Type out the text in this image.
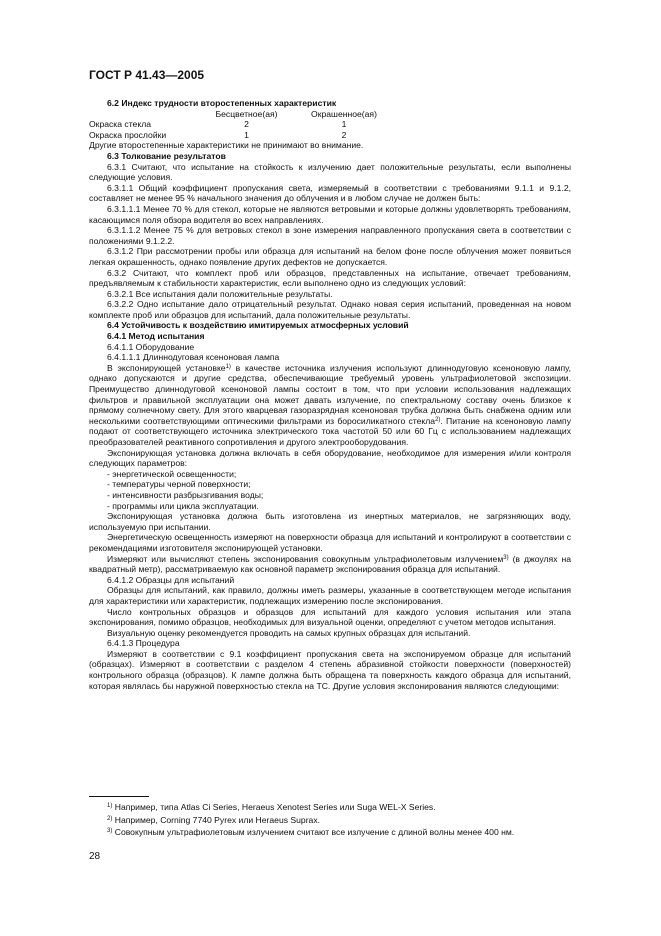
ГОСТ Р 41.43—2005

6.2 Индекс трудности второстепенных характеристик

	Бесцветное(ая)	Окрашенное(ая)
Окраска стекла	2	1
Окраска прослойки	1	2

Другие второстепенные характеристики не принимают во внимание.

6.3 Толкование результатов

6.3.1 Считают, что испытание на стойкость к излучению дает положительные результаты, если выполнены следующие условия.

6.3.1.1 Общий коэффициент пропускания света, измеряемый в соответствии с требованиями 9.1.1 и 9.1.2, составляет не менее 95 % начального значения до облучения и в любом случае не должен быть:

6.3.1.1.1 Менее 70 % для стекол, которые не являются ветровыми и которые должны удовлетворять требованиям, касающимся поля обзора водителя во всех направлениях.

6.3.1.1.2 Менее 75 % для ветровых стекол в зоне измерения направленного пропускания света в соответствии с положениями 9.1.2.2.

6.3.1.2 При рассмотрении пробы или образца для испытаний на белом фоне после облучения может появиться легкая окрашенность, однако появление других дефектов не допускается.

6.3.2 Считают, что комплект проб или образцов, представленных на испытание, отвечает требованиям, предъявляемым к стабильности характеристик, если выполнено одно из следующих условий:

6.3.2.1 Все испытания дали положительные результаты.

6.3.2.2 Одно испытание дало отрицательный результат. Однако новая серия испытаний, проведенная на новом комплекте проб или образцов для испытаний, дала положительные результаты.

6.4 Устойчивость к воздействию имитируемых атмосферных условий

6.4.1 Метод испытания

6.4.1.1 Оборудование

6.4.1.1.1 Длиннодуговая ксеноновая лампа

В экспонирующей установке$^{1)}$ в качестве источника излучения используют длиннодуговую ксеноновую лампу, однако допускаются и другие средства, обеспечивающие требуемый уровень ультрафиолетовой экспозиции. Преимущество длиннодуговой ксеноновой лампы состоит в том, что при условии использования надлежащих фильтров и правильной эксплуатации она может давать излучение, по спектральному составу очень близкое к прямому солнечному свету. Для этого кварцевая газоразрядная ксеноновая трубка должна быть снабжена одним или несколькими соответствующими оптическими фильтрами из боросиликатного стекла$^{2)}$. Питание на ксеноновую лампу подают от соответствующего источника электрического тока частотой 50 или 60 Гц с использованием надлежащих преобразователей реактивного сопротивления и другого электрооборудования.

Экспонирующая установка должна включать в себя оборудование, необходимое для измерения и/или контроля следующих параметров:

- энергетической освещенности;

- температуры черной поверхности;

- интенсивности разбрызгивания воды;

- программы или цикла эксплуатации.

Экспонирующая установка должна быть изготовлена из инертных материалов, не загрязняющих воду, используемую при испытании.

Энергетическую освещенность измеряют на поверхности образца для испытаний и контролируют в соответствии с рекомендациями изготовителя экспонирующей установки.

Измеряют или вычисляют степень экспонирования совокупным ультрафиолетовым излучением$^{3)}$ (в джоулях на квадратный метр), рассматриваемую как основной параметр экспонирования образца для испытаний.

6.4.1.2 Образцы для испытаний

Образцы для испытаний, как правило, должны иметь размеры, указанные в соответствующем методе испытания для характеристики или характеристик, подлежащих измерению после экспонирования.

Число контрольных образцов и образцов для испытаний для каждого условия испытания или этапа экспонирования, помимо образцов, необходимых для визуальной оценки, определяют с учетом методов испытания.

Визуальную оценку рекомендуется проводить на самых крупных образцах для испытаний.

6.4.1.3 Процедура

Измеряют в соответствии с 9.1 коэффициент пропускания света на экспонируемом образце для испытаний (образцах). Измеряют в соответствии с разделом 4 степень абразивной стойкости поверхности (поверхностей) контрольного образца (образцов). К лампе должна быть обращена та поверхность каждого образца для испытаний, которая являлась бы наружной поверхностью стекла на ТС. Другие условия экспонирования являются следующими:

$^{1)}$ Например, типа Atlas Ci Series, Heraeus Xenotest Series или Suga WEL-X Series.
$^{2)}$ Например, Corning 7740 Pyrex или Heraeus Suprax.
$^{3)}$ Совокупным ультрафиолетовым излучением считают все излучение с длиной волны менее 400 нм.
28
